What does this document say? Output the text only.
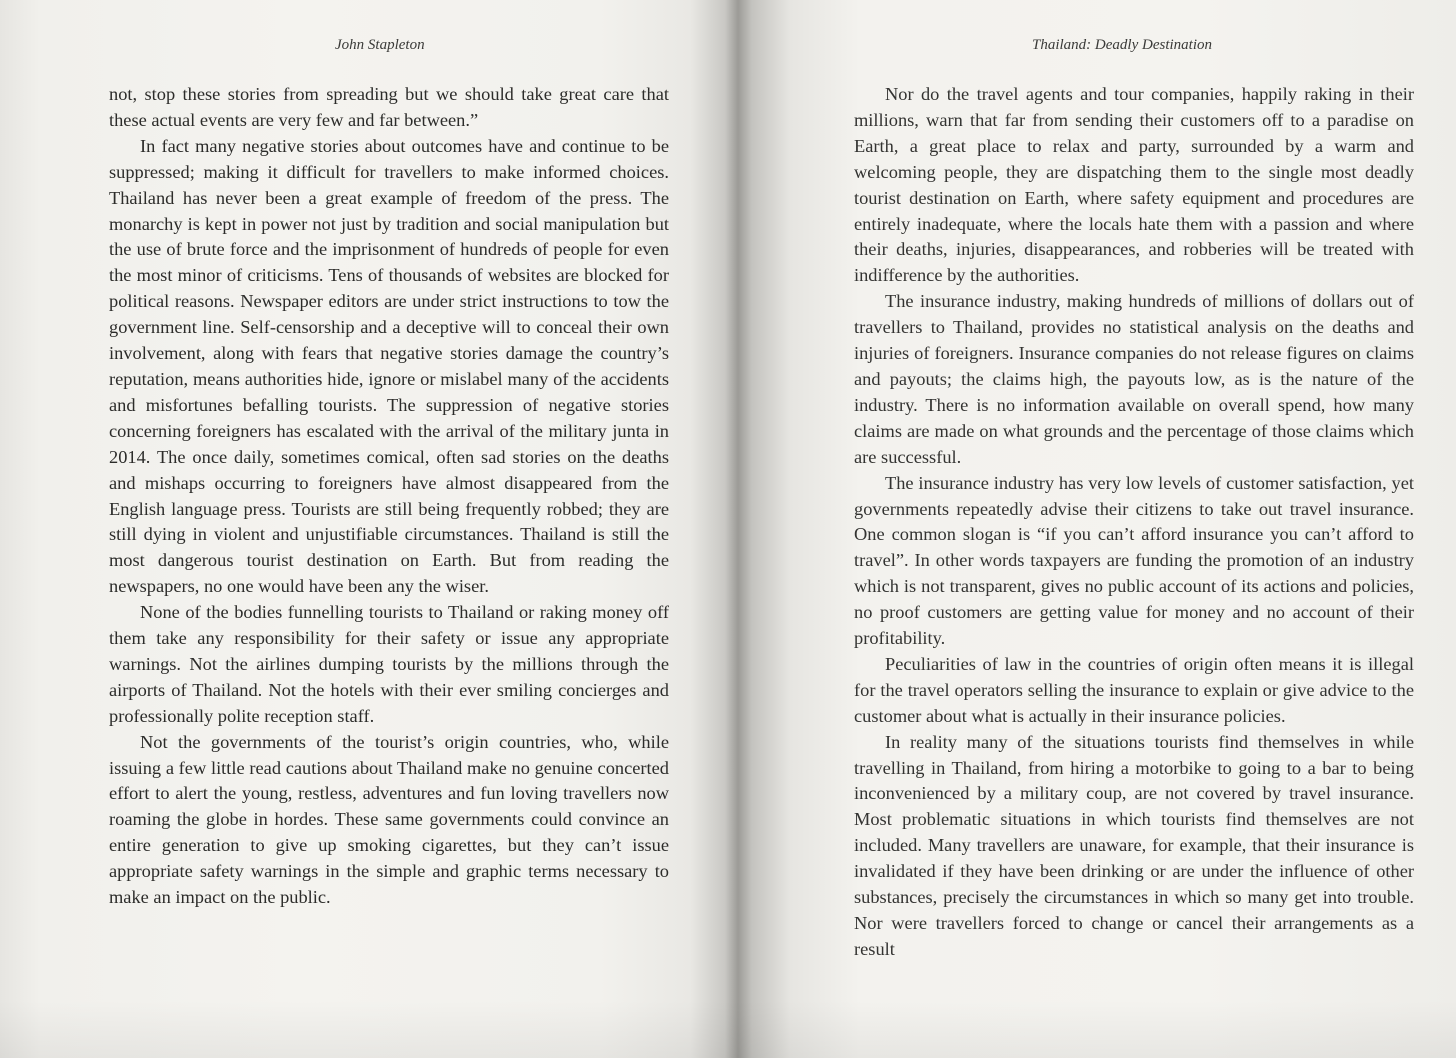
John Stapleton

not, stop these stories from spreading but we should take great care that these actual events are very few and far between.”

In fact many negative stories about outcomes have and continue to be suppressed; making it difficult for travellers to make informed choices. Thailand has never been a great example of freedom of the press. The monarchy is kept in power not just by tradition and social manipulation but the use of brute force and the imprisonment of hundreds of people for even the most minor of criticisms. Tens of thousands of websites are blocked for political reasons. Newspaper editors are under strict instructions to tow the government line. Self-censorship and a deceptive will to conceal their own involvement, along with fears that negative stories damage the country’s reputation, means authorities hide, ignore or mislabel many of the accidents and misfortunes befalling tourists. The suppression of negative stories concerning foreigners has escalated with the arrival of the military junta in 2014. The once daily, sometimes comical, often sad stories on the deaths and mishaps occurring to foreigners have almost disappeared from the English language press. Tourists are still being frequently robbed; they are still dying in violent and unjustifiable circumstances. Thailand is still the most dangerous tourist destination on Earth. But from reading the newspapers, no one would have been any the wiser.

None of the bodies funnelling tourists to Thailand or raking money off them take any responsibility for their safety or issue any appropriate warnings. Not the airlines dumping tourists by the millions through the airports of Thailand. Not the hotels with their ever smiling concierges and professionally polite reception staff.

Not the governments of the tourist’s origin countries, who, while issuing a few little read cautions about Thailand make no genuine concerted effort to alert the young, restless, adventures and fun loving travellers now roaming the globe in hordes. These same governments could convince an entire generation to give up smoking cigarettes, but they can’t issue appropriate safety warnings in the simple and graphic terms necessary to make an impact on the public.

Thailand: Deadly Destination

Nor do the travel agents and tour companies, happily raking in their millions, warn that far from sending their customers off to a paradise on Earth, a great place to relax and party, surrounded by a warm and welcoming people, they are dispatching them to the single most deadly tourist destination on Earth, where safety equipment and procedures are entirely inadequate, where the locals hate them with a passion and where their deaths, injuries, disappearances, and robberies will be treated with indifference by the authorities.

The insurance industry, making hundreds of millions of dollars out of travellers to Thailand, provides no statistical analysis on the deaths and injuries of foreigners. Insurance companies do not release figures on claims and payouts; the claims high, the payouts low, as is the nature of the industry. There is no information available on overall spend, how many claims are made on what grounds and the percentage of those claims which are successful.

The insurance industry has very low levels of customer satisfaction, yet governments repeatedly advise their citizens to take out travel insurance. One common slogan is “if you can’t afford insurance you can’t afford to travel”. In other words taxpayers are funding the promotion of an industry which is not transparent, gives no public account of its actions and policies, no proof customers are getting value for money and no account of their profitability.

Peculiarities of law in the countries of origin often means it is illegal for the travel operators selling the insurance to explain or give advice to the customer about what is actually in their insurance policies.

In reality many of the situations tourists find themselves in while travelling in Thailand, from hiring a motorbike to going to a bar to being inconvenienced by a military coup, are not covered by travel insurance. Most problematic situations in which tourists find themselves are not included. Many travellers are unaware, for example, that their insurance is invalidated if they have been drinking or are under the influence of other substances, precisely the circumstances in which so many get into trouble. Nor were travellers forced to change or cancel their arrangements as a result
